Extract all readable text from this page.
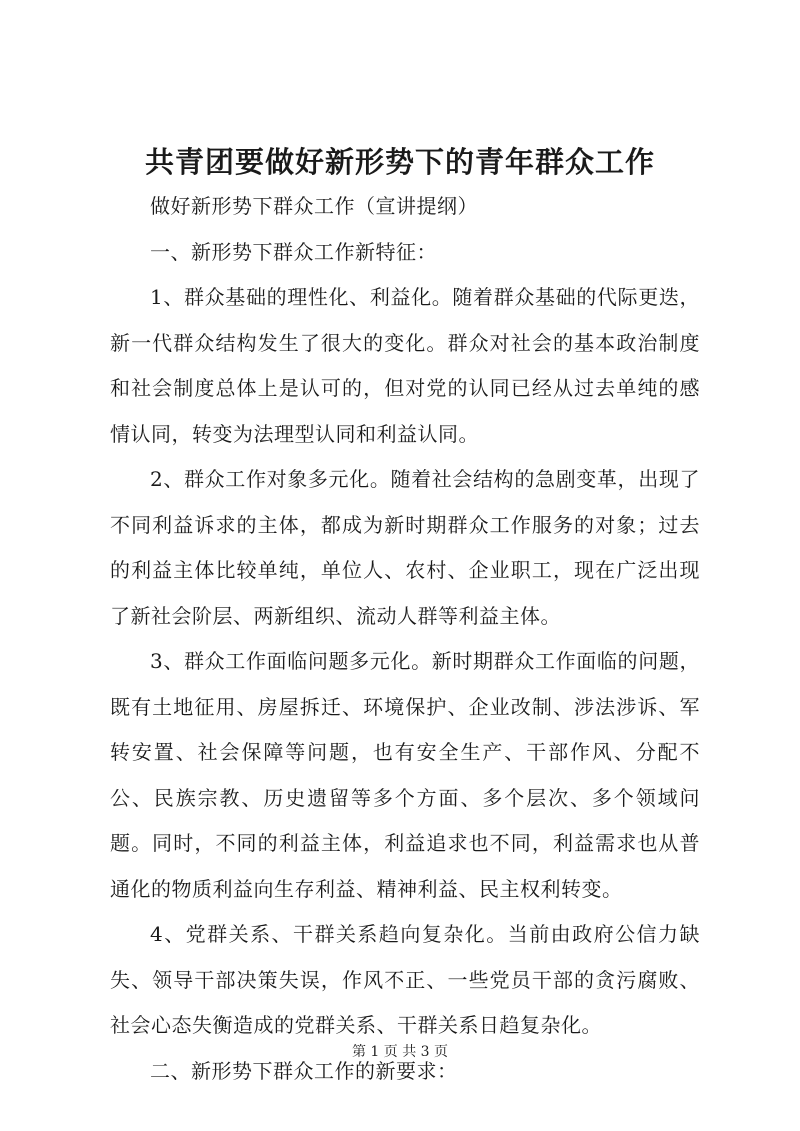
共青团要做好新形势下的青年群众工作

做好新形势下群众工作（宣讲提纲）

一、新形势下群众工作新特征：

1、群众基础的理性化、利益化。随着群众基础的代际更迭，新一代群众结构发生了很大的变化。群众对社会的基本政治制度和社会制度总体上是认可的，但对党的认同已经从过去单纯的感情认同，转变为法理型认同和利益认同。

2、群众工作对象多元化。随着社会结构的急剧变革，出现了不同利益诉求的主体，都成为新时期群众工作服务的对象；过去的利益主体比较单纯，单位人、农村、企业职工，现在广泛出现了新社会阶层、两新组织、流动人群等利益主体。

3、群众工作面临问题多元化。新时期群众工作面临的问题，既有土地征用、房屋拆迁、环境保护、企业改制、涉法涉诉、军转安置、社会保障等问题，也有安全生产、干部作风、分配不公、民族宗教、历史遗留等多个方面、多个层次、多个领域问题。同时，不同的利益主体，利益追求也不同，利益需求也从普通化的物质利益向生存利益、精神利益、民主权利转变。

4、党群关系、干群关系趋向复杂化。当前由政府公信力缺失、领导干部决策失误，作风不正、一些党员干部的贪污腐败、社会心态失衡造成的党群关系、干群关系日趋复杂化。

二、新形势下群众工作的新要求：

第 1 页 共 3 页
